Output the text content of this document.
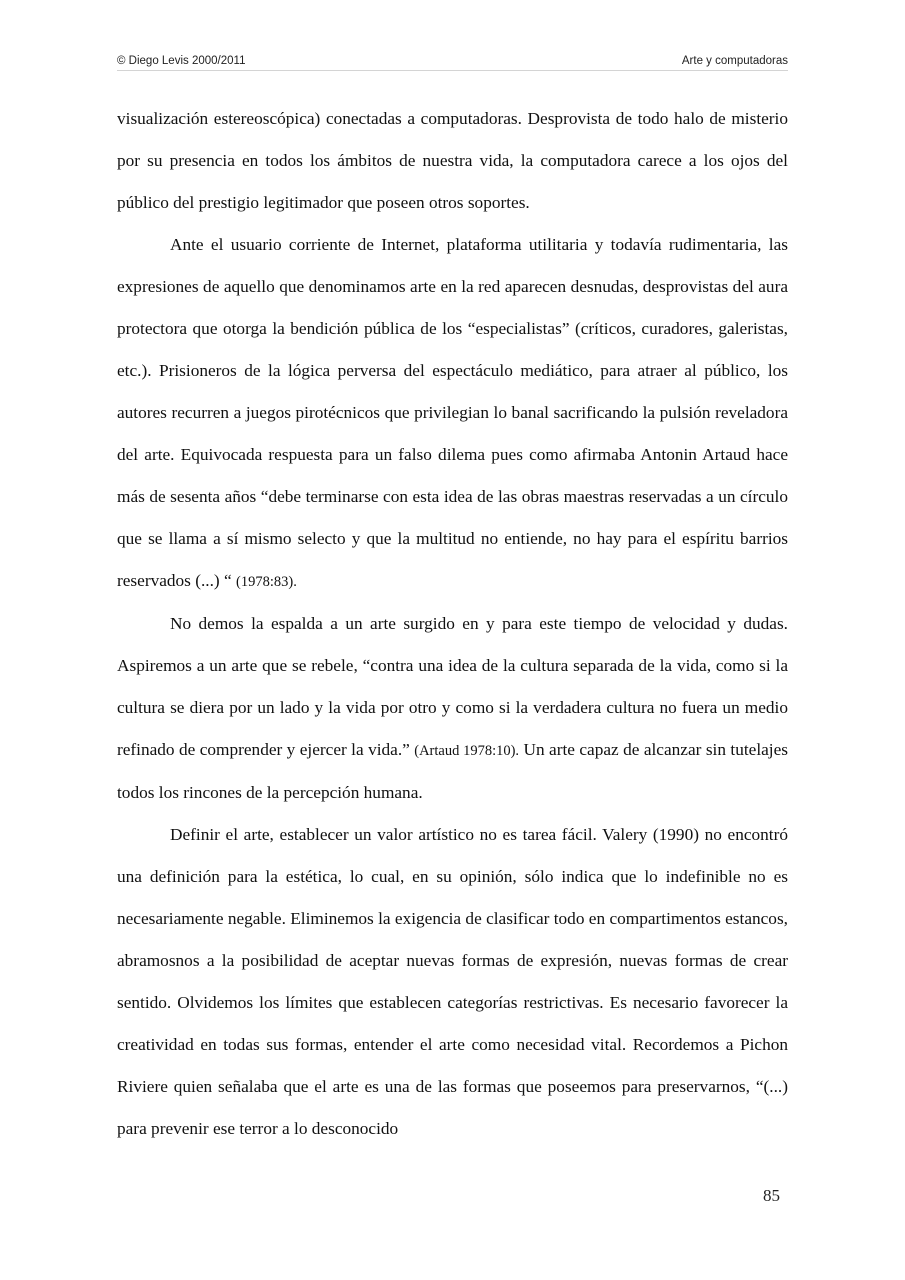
© Diego Levis 2000/2011	Arte y computadoras

visualización estereoscópica) conectadas a computadoras. Desprovista de todo halo de misterio por su presencia en todos los ámbitos de nuestra vida, la computadora carece a los ojos del público del prestigio legitimador que poseen otros soportes.

Ante el usuario corriente de Internet, plataforma utilitaria y todavía rudimentaria, las expresiones de aquello que denominamos arte en la red aparecen desnudas, desprovistas del aura protectora que otorga la bendición pública de los “especialistas” (críticos, curadores, galeristas, etc.). Prisioneros de la lógica perversa del espectáculo mediático, para atraer al público, los autores recurren a juegos pirotécnicos que privilegian lo banal sacrificando la pulsión reveladora del arte. Equivocada respuesta para un falso dilema pues como afirmaba Antonin Artaud hace más de sesenta años “debe terminarse con esta idea de las obras maestras reservadas a un círculo que se llama a sí mismo selecto y que la multitud no entiende, no hay para el espíritu barrios reservados (...) “ (1978:83).

No demos la espalda a un arte surgido en y para este tiempo de velocidad y dudas. Aspiremos a un arte que se rebele, “contra una idea de la cultura separada de la vida, como si la cultura se diera por un lado y la vida por otro y como si la verdadera cultura no fuera un medio refinado de comprender y ejercer la vida.” (Artaud 1978:10). Un arte capaz de alcanzar sin tutelajes todos los rincones de la percepción humana.

Definir el arte, establecer un valor artístico no es tarea fácil. Valery (1990) no encontró una definición para la estética, lo cual, en su opinión, sólo indica que lo indefinible no es necesariamente negable. Eliminemos la exigencia de clasificar todo en compartimentos estancos, abramosnos a la posibilidad de aceptar nuevas formas de expresión, nuevas formas de crear sentido. Olvidemos los límites que establecen categorías restrictivas. Es necesario favorecer la creatividad en todas sus formas, entender el arte como necesidad vital. Recordemos a Pichon Riviere quien señalaba que el arte es una de las formas que poseemos para preservarnos, “(...) para prevenir ese terror a lo desconocido

85
